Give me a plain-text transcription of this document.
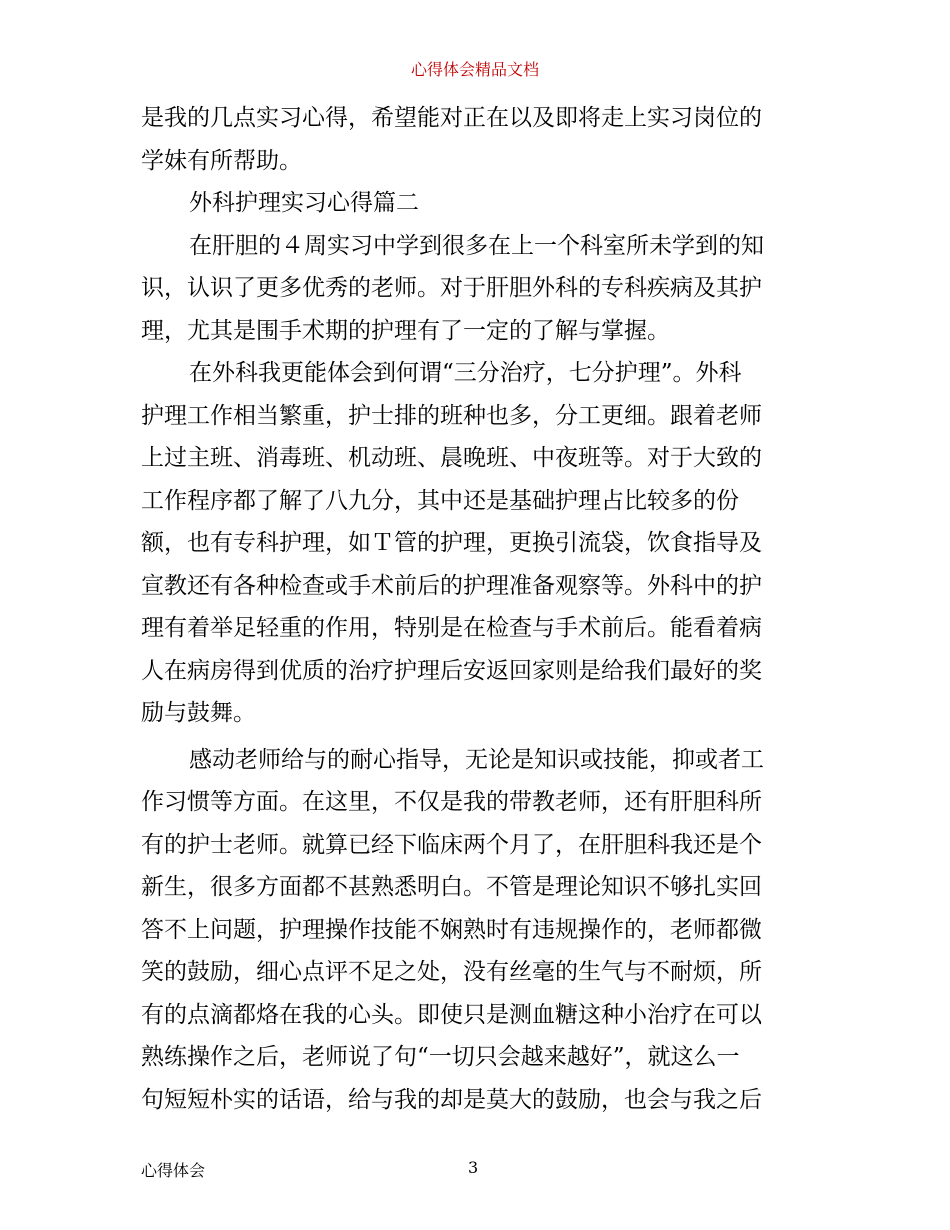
心得体会精品文档
是我的几点实习心得，希望能对正在以及即将走上实习岗位的
学妹有所帮助。
外科护理实习心得篇二
在肝胆的４周实习中学到很多在上一个科室所未学到的知
识，认识了更多优秀的老师。对于肝胆外科的专科疾病及其护
理，尤其是围手术期的护理有了一定的了解与掌握。
在外科我更能体会到何谓“三分治疗，七分护理”。外科
护理工作相当繁重，护士排的班种也多，分工更细。跟着老师
上过主班、消毒班、机动班、晨晚班、中夜班等。对于大致的
工作程序都了解了八九分，其中还是基础护理占比较多的份
额，也有专科护理，如Ｔ管的护理，更换引流袋，饮食指导及
宣教还有各种检查或手术前后的护理准备观察等。外科中的护
理有着举足轻重的作用，特别是在检查与手术前后。能看着病
人在病房得到优质的治疗护理后安返回家则是给我们最好的奖
励与鼓舞。
感动老师给与的耐心指导，无论是知识或技能，抑或者工
作习惯等方面。在这里，不仅是我的带教老师，还有肝胆科所
有的护士老师。就算已经下临床两个月了，在肝胆科我还是个
新生，很多方面都不甚熟悉明白。不管是理论知识不够扎实回
答不上问题，护理操作技能不娴熟时有违规操作的，老师都微
笑的鼓励，细心点评不足之处，没有丝毫的生气与不耐烦，所
有的点滴都烙在我的心头。即使只是测血糖这种小治疗在可以
熟练操作之后，老师说了句“一切只会越来越好”，就这么一
句短短朴实的话语，给与我的却是莫大的鼓励，也会与我之后
心得体会	3
